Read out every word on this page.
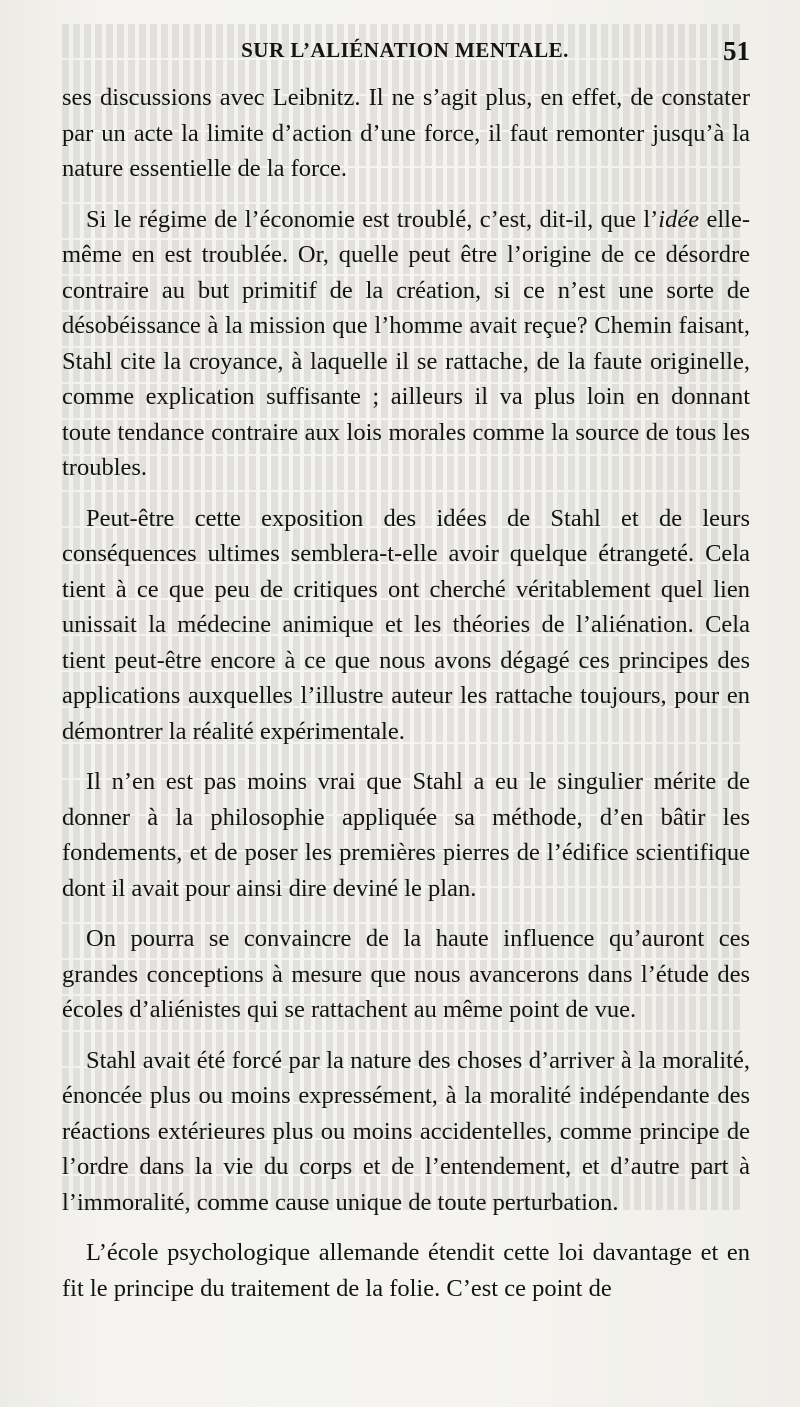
SUR L’ALIÉNATION MENTALE.	51

ses discussions avec Leibnitz. Il ne s’agit plus, en effet, de constater par un acte la limite d’action d’une force, il faut remonter jusqu’à la nature essentielle de la force.

Si le régime de l’économie est troublé, c’est, dit-il, que l’idée elle-même en est troublée. Or, quelle peut être l’origine de ce désordre contraire au but primitif de la création, si ce n’est une sorte de désobéissance à la mission que l’homme avait reçue? Chemin faisant, Stahl cite la croyance, à laquelle il se rattache, de la faute originelle, comme explication suffisante ; ailleurs il va plus loin en donnant toute tendance contraire aux lois morales comme la source de tous les troubles.

Peut-être cette exposition des idées de Stahl et de leurs conséquences ultimes semblera-t-elle avoir quelque étrangeté. Cela tient à ce que peu de critiques ont cherché véritablement quel lien unissait la médecine animique et les théories de l’aliénation. Cela tient peut-être encore à ce que nous avons dégagé ces principes des applications auxquelles l’illustre auteur les rattache toujours, pour en démontrer la réalité expérimentale.

Il n’en est pas moins vrai que Stahl a eu le singulier mérite de donner à la philosophie appliquée sa méthode, d’en bâtir les fondements, et de poser les premières pierres de l’édifice scientifique dont il avait pour ainsi dire deviné le plan.

On pourra se convaincre de la haute influence qu’auront ces grandes conceptions à mesure que nous avancerons dans l’étude des écoles d’aliénistes qui se rattachent au même point de vue.

Stahl avait été forcé par la nature des choses d’arriver à la moralité, énoncée plus ou moins expressément, à la moralité indépendante des réactions extérieures plus ou moins accidentelles, comme principe de l’ordre dans la vie du corps et de l’entendement, et d’autre part à l’immoralité, comme cause unique de toute perturbation.

L’école psychologique allemande étendit cette loi davantage et en fit le principe du traitement de la folie. C’est ce point de
